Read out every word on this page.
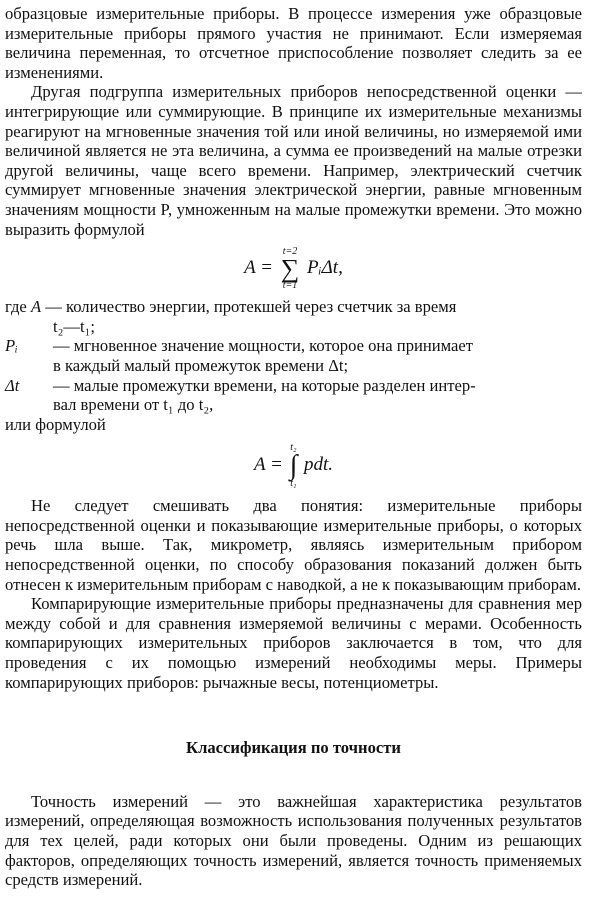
образцовые измерительные приборы. В процессе измерения уже образцовые измерительные приборы прямого участия не принимают. Если измеряемая величина переменная, то отсчетное приспособление позволяет следить за ее изменениями.

Другая подгруппа измерительных приборов непосредственной оценки — интегрирующие или суммирующие. В принципе их измерительные механизмы реагируют на мгновенные значения той или иной величины, но измеряемой ими величиной является не эта величина, а сумма ее произведений на малые отрезки другой величины, чаще всего времени. Например, электрический счетчик суммирует мгновенные значения электрической энергии, равные мгновенным значениям мощности P, умноженным на малые промежутки времени. Это можно выразить формулой

A =
t=2
∑
t=1
PᵢΔt,
где A — количество энергии, протекшей через счетчик за время
t₂—t₁;
Pᵢ	— мгновенное значение мощности, которое она принимает
в каждый малый промежуток времени Δt;
Δt	— малые промежутки времени, на которые разделен интер-
вал времени от t₁ до t₂,
или формулой
A =
t₂
∫
t₁
pdt.

Не следует смешивать два понятия: измерительные приборы непосредственной оценки и показывающие измерительные приборы, о которых речь шла выше. Так, микрометр, являясь измерительным прибором непосредственной оценки, по способу образования показаний должен быть отнесен к измерительным приборам с наводкой, а не к показывающим приборам.

Компарирующие измерительные приборы предназначены для сравнения мер между собой и для сравнения измеряемой величины с мерами. Особенность компарирующих измерительных приборов заключается в том, что для проведения с их помощью измерений необходимы меры. Примеры компарирующих приборов: рычажные весы, потенциометры.

Классификация по точности

Точность измерений — это важнейшая характеристика результатов измерений, определяющая возможность использования полученных результатов для тех целей, ради которых они были проведены. Одним из решающих факторов, определяющих точность измерений, является точность применяемых средств измерений.
